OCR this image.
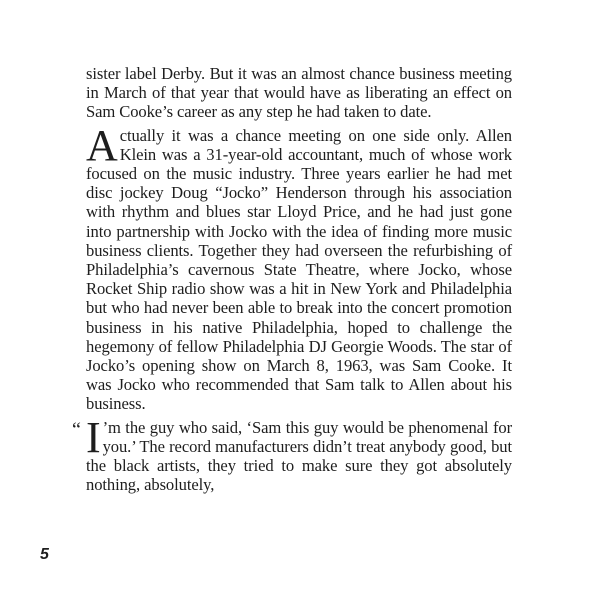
sister label Derby. But it was an almost chance business meeting in March of that year that would have as liberating an effect on Sam Cooke’s career as any step he had taken to date.

Actually it was a chance meeting on one side only. Allen Klein was a 31-year-old accountant, much of whose work focused on the music industry. Three years earlier he had met disc jockey Doug “Jocko” Henderson through his association with rhythm and blues star Lloyd Price, and he had just gone into partnership with Jocko with the idea of finding more music business clients. Together they had overseen the refurbishing of Philadelphia’s cavernous State Theatre, where Jocko, whose Rocket Ship radio show was a hit in New York and Philadelphia but who had never been able to break into the concert promotion business in his native Philadelphia, hoped to challenge the hegemony of fellow Philadelphia DJ Georgie Woods. The star of Jocko’s opening show on March 8, 1963, was Sam Cooke. It was Jocko who recommended that Sam talk to Allen about his business.

“ I ’m the guy who said, ‘Sam this guy would be phenomenal for you.’ The record manufacturers didn’t treat anybody good, but the black artists, they tried to make sure they got absolutely nothing, absolutely,

5
